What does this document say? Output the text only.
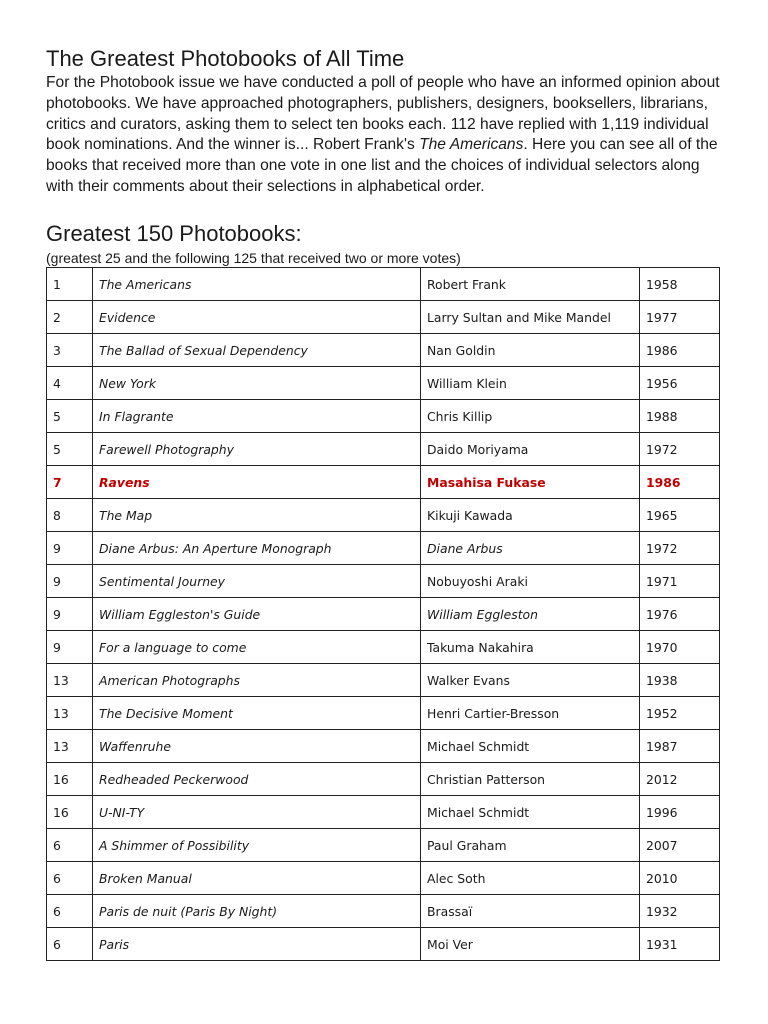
The Greatest Photobooks of All Time

For the Photobook issue we have conducted a poll of people who have an informed opinion about photobooks. We have approached photographers, publishers, designers, booksellers, librarians, critics and curators, asking them to select ten books each. 112 have replied with 1,119 individual book nominations. And the winner is... Robert Frank's The Americans. Here you can see all of the books that received more than one vote in one list and the choices of individual selectors along with their comments about their selections in alphabetical order.

Greatest 150 Photobooks:

(greatest 25 and the following 125 that received two or more votes)

1	The Americans	Robert Frank	1958
2	Evidence	Larry Sultan and Mike Mandel	1977
3	The Ballad of Sexual Dependency	Nan Goldin	1986
4	New York	William Klein	1956
5	In Flagrante	Chris Killip	1988
5	Farewell Photography	Daido Moriyama	1972
7	Ravens	Masahisa Fukase	1986
8	The Map	Kikuji Kawada	1965
9	Diane Arbus: An Aperture Monograph	Diane Arbus	1972
9	Sentimental Journey	Nobuyoshi Araki	1971
9	William Eggleston's Guide	William Eggleston	1976
9	For a language to come	Takuma Nakahira	1970
13	American Photographs	Walker Evans	1938
13	The Decisive Moment	Henri Cartier-Bresson	1952
13	Waffenruhe	Michael Schmidt	1987
16	Redheaded Peckerwood	Christian Patterson	2012
16	U-NI-TY	Michael Schmidt	1996
6	A Shimmer of Possibility	Paul Graham	2007
6	Broken Manual	Alec Soth	2010
6	Paris de nuit (Paris By Night)	Brassaï	1932
6	Paris	Moi Ver	1931
